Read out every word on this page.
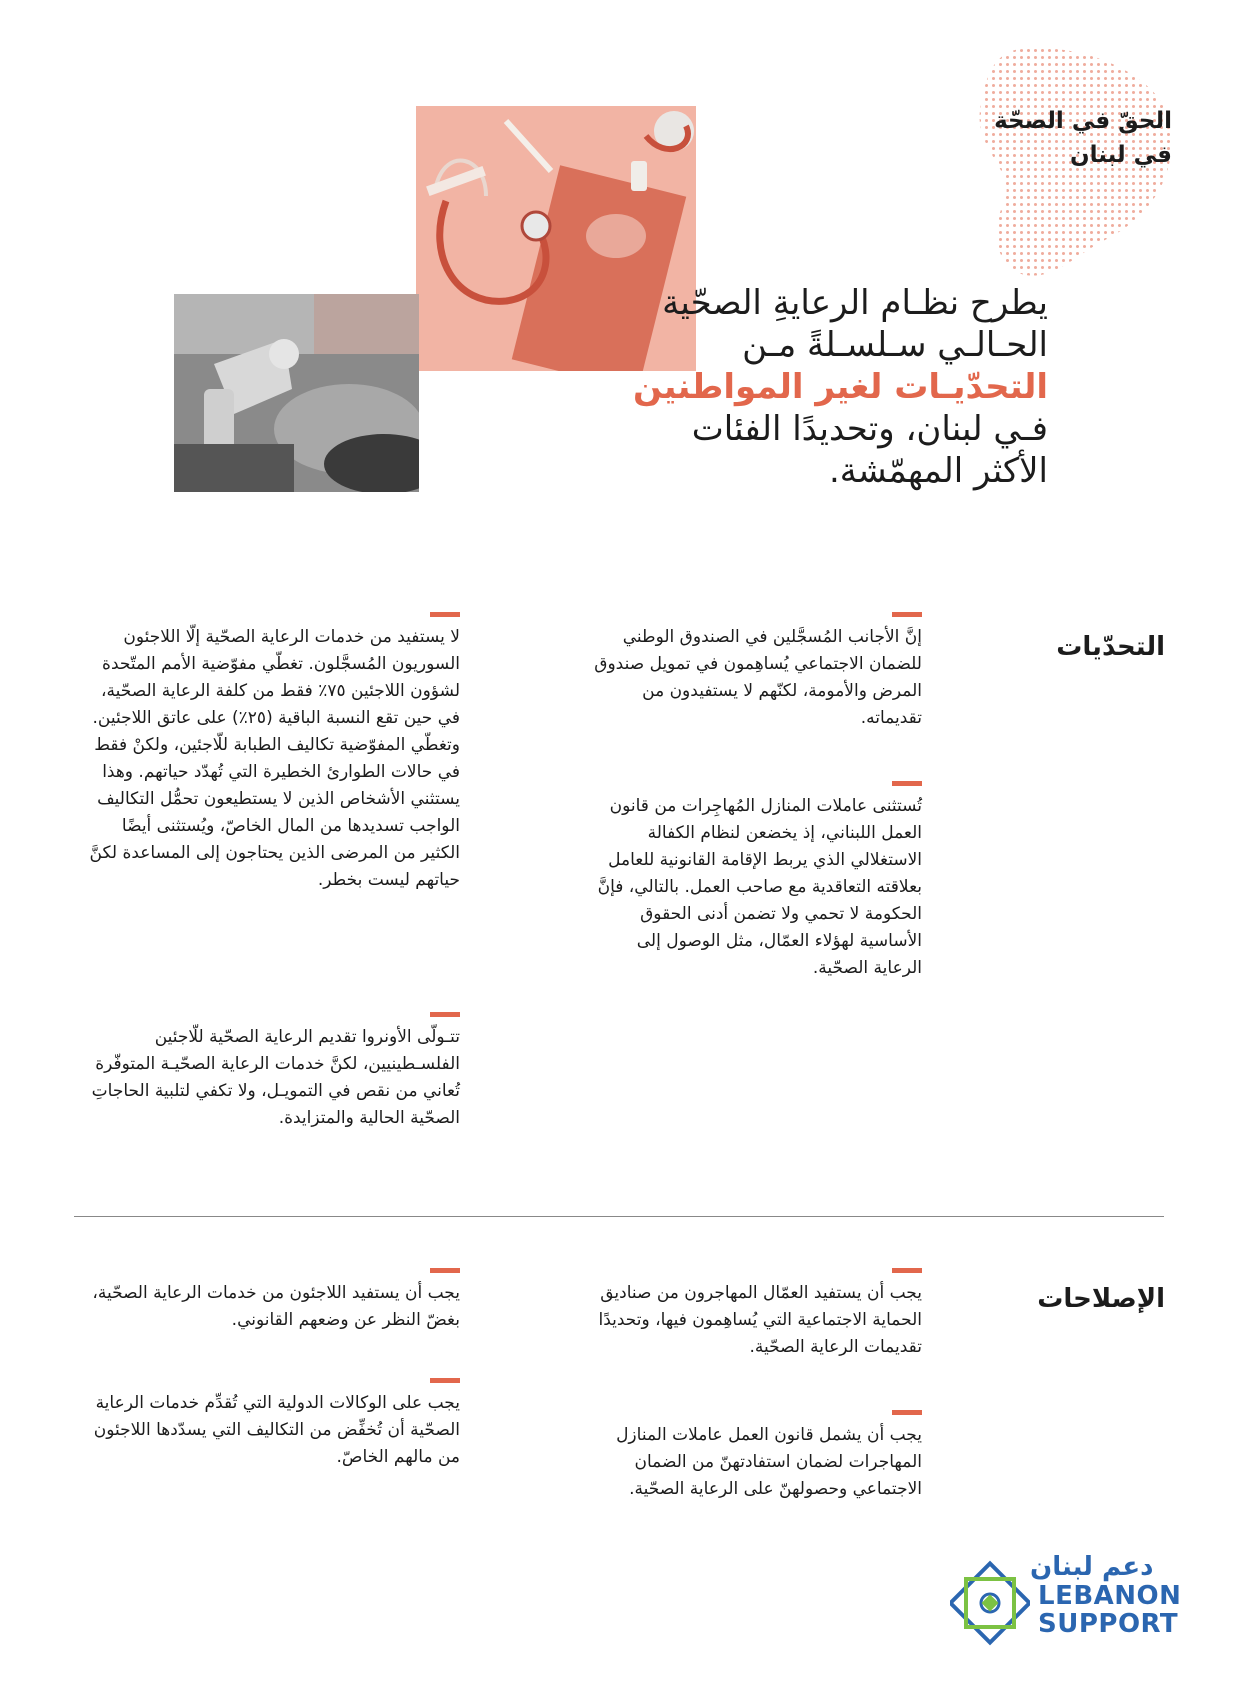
الحقّ في الصحّة
في لبنان
يطرح نظـام الرعايةِ الصحّية
الحـالـي سـلسـلةً مـن
التحدّيـات لغير المواطنين
فـي لبنان، وتحديدًا الفئات
الأكثر المهمّشة.
التحدّيات
إنَّ الأجانب المُسجَّلين في الصندوق الوطني للضمان الاجتماعي يُساهِمون في تمويل صندوق المرض والأمومة، لكنّهم لا يستفيدون من تقديماته.
تُستثنى عاملات المنازل المُهاجِرات من قانون العمل اللبناني، إذ يخضعن لنظام الكفالة الاستغلالي الذي يربط الإقامة القانونية للعامل بعلاقته التعاقدية مع صاحب العمل. بالتالي، فإنَّ الحكومة لا تحمي ولا تضمن أدنى الحقوق الأساسية لهؤلاء العمّال، مثل الوصول إلى الرعاية الصحّية.
لا يستفيد من خدمات الرعاية الصحّية إلّا اللاجئون السوريون المُسجَّلون. تغطّي مفوّضية الأمم المتّحدة لشؤون اللاجئين ٧٥٪ فقط من كلفة الرعاية الصحّية، في حين تقع النسبة الباقية (٢٥٪) على عاتق اللاجئين. وتغطّي المفوّضية تكاليف الطبابة للّاجئين، ولكنْ فقط في حالات الطوارئ الخطيرة التي تُهدّد حياتهم. وهذا يستثني الأشخاص الذين لا يستطيعون تحمُّل التكاليف الواجب تسديدها من المال الخاصّ، ويُستثنى أيضًا الكثير من المرضى الذين يحتاجون إلى المساعدة لكنَّ حياتهم ليست بخطر.
تتـولّى الأونروا تقديم الرعاية الصحّية للّاجئين الفلسـطينيين، لكنَّ خدمات الرعاية الصحّيـة المتوفّرة تُعاني من نقص في التمويـل، ولا تكفي لتلبية الحاجاتِ الصحّية الحالية والمتزايدة.
الإصلاحات
يجب أن يستفيد العمّال المهاجرون من صناديق الحماية الاجتماعية التي يُساهِمون فيها، وتحديدًا تقديمات الرعاية الصحّية.
يجب أن يشمل قانون العمل عاملات المنازل المهاجرات لضمان استفادتهنّ من الضمان الاجتماعي وحصولهنّ على الرعاية الصحّية.
يجب أن يستفيد اللاجئون من خدمات الرعاية الصحّية، بغضّ النظر عن وضعهم القانوني.
يجب على الوكالات الدولية التي تُقدِّم خدمات الرعاية الصحّية أن تُخفِّض من التكاليف التي يسدّدها اللاجئون من مالهم الخاصّ.
دعم لبنان
LEBANON
SUPPORT
